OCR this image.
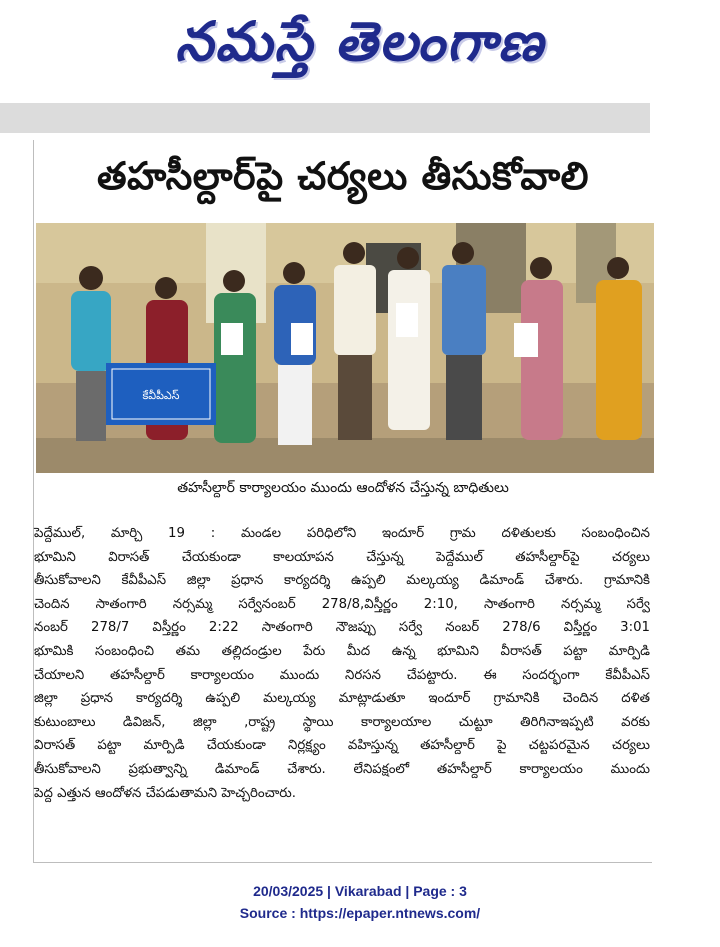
నమస్తే తెలంగాణ
తహసీల్దార్‌పై చర్యలు తీసుకోవాలి
కేవీపీఎస్
తహసీల్దార్ కార్యాలయం ముందు ఆందోళన చేస్తున్న బాధితులు
పెద్దేముల్, మార్చి 19 : మండల పరిధిలోని ఇందూర్ గ్రామ దళితులకు సంబంధించిన
భూమిని విరాసత్ చేయకుండా కాలయాపన చేస్తున్న పెద్దేముల్ తహసీల్దార్‌పై చర్యలు
తీసుకోవాలని కేవీపీఎస్ జిల్లా ప్రధాన కార్యదర్శి ఉప్పలి మల్కయ్య డిమాండ్ చేశారు. గ్రామానికి
చెందిన సాతంగారి నర్సమ్మ సర్వేనంబర్ 278/8,విస్తీర్ణం 2:10, సాతంగారి నర్సమ్మ సర్వే
నంబర్ 278/7 విస్తీర్ణం 2:22 సాతంగారి నౌజప్పు సర్వే నంబర్ 278/6 విస్తీర్ణం 3:01
భూమికి సంబంధించి తమ తల్లిదండ్రుల పేరు మీద ఉన్న భూమిని వీరాసత్ పట్టా మార్పిడి
చేయాలని తహసీల్దార్ కార్యాలయం ముందు నిరసన చేపట్టారు. ఈ సందర్భంగా కేవీపీఎస్
జిల్లా ప్రధాన కార్యదర్శి ఉప్పలి మల్కయ్య మాట్లాడుతూ ఇందూర్ గ్రామానికి చెందిన దళిత
కుటుంబాలు డివిజన్, జిల్లా ,రాష్ట్ర స్థాయి కార్యాలయాల చుట్టూ తిరిగినాఇప్పటి వరకు
విరాసత్ పట్టా మార్పిడి చేయకుండా నిర్లక్ష్యం వహిస్తున్న తహసీల్దార్ పై చట్టపరమైన చర్యలు
తీసుకోవాలని ప్రభుత్వాన్ని డిమాండ్ చేశారు. లేనిపక్షంలో తహసీల్దార్ కార్యాలయం ముందు
పెద్ద ఎత్తున ఆందోళన చేపడుతామని హెచ్చరించారు.
20/03/2025 | Vikarabad | Page : 3
Source : https://epaper.ntnews.com/
